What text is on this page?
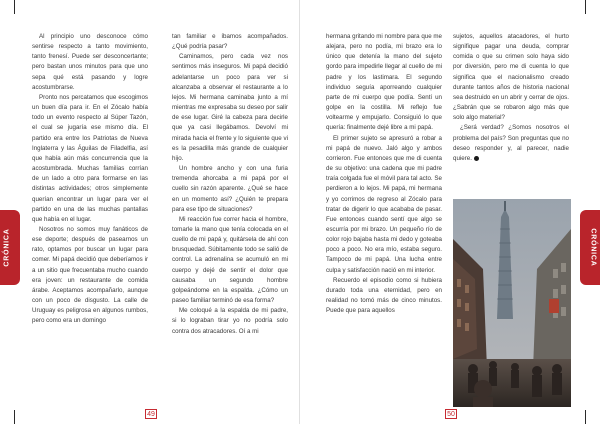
Al principio uno desconoce cómo sentirse respecto a tanto movimiento, tanto frenesí. Puede ser desconcertante; pero bastan unos minutos para que uno sepa qué está pasando y logre acostumbrarse.

Pronto nos percatamos que escogimos un buen día para ir. En el Zócalo había todo un evento respecto al Súper Tazón, el cual se jugaría ese mismo día. El partido era entre los Patriotas de Nueva Inglaterra y las Águilas de Filadelfia, así que había aún más concurrencia que la acostumbrada. Muchas familias corrían de un lado a otro para formarse en las distintas actividades; otros simplemente querían encontrar un lugar para ver el partido en una de las muchas pantallas que había en el lugar.

Nosotros no somos muy fanáticos de ese deporte; después de pasearnos un rato, optamos por buscar un lugar para comer. Mi papá decidió que deberíamos ir a un sitio que frecuentaba mucho cuando era joven: un restaurante de comida árabe. Aceptamos acompañarlo, aunque con un poco de disgusto. La calle de Uruguay es peligrosa en algunos rumbos, pero como era un domingo

tan familiar e íbamos acompañados. ¿Qué podría pasar?

Caminamos, pero cada vez nos sentimos más inseguros. Mi papá decidió adelantarse un poco para ver si alcanzaba a observar el restaurante a lo lejos. Mi hermana caminaba junto a mí mientras me expresaba su deseo por salir de ese lugar. Giré la cabeza para decirle que ya casi llegábamos. Devolví mi mirada hacia el frente y lo siguiente que vi es la pesadilla más grande de cualquier hijo.

Un hombre ancho y con una furia tremenda ahorcaba a mi papá por el cuello sin razón aparente. ¿Qué se hace en un momento así? ¿Quién te prepara para ese tipo de situaciones?

Mi reacción fue correr hacia el hombre, tomarle la mano que tenía colocada en el cuello de mi papá y, quitársela de ahí con brusquedad. Súbitamente todo se salió de control. La adrenalina se acumuló en mi cuerpo y dejé de sentir el dolor que causaba un segundo hombre golpeándome en la espalda. ¿Cómo un paseo familiar terminó de esa forma?

Me coloqué a la espalda de mi padre, si lo lograban tirar yo no podría solo contra dos atracadores. Oí a mi

CRÓNICA
49

hermana gritando mi nombre para que me alejara, pero no podía, mi brazo era lo único que detenía la mano del sujeto gordo para impedirle llegar al cuello de mi padre y los lastimara. El segundo individuo seguía aporreando cualquier parte de mi cuerpo que podía. Sentí un golpe en la costilla. Mi reflejo fue voltearme y empujarlo. Consiguió lo que quería: finalmente dejé libre a mi papá.

El primer sujeto se apresuró a robar a mi papá de nuevo. Jaló algo y ambos corrieron. Fue entonces que me di cuenta de su objetivo: una cadena que mi padre traía colgada fue el móvil para tal acto. Se perdieron a lo lejos. Mi papá, mi hermana y yo corrimos de regreso al Zócalo para tratar de digerir lo que acababa de pasar. Fue entonces cuando sentí que algo se escurría por mi brazo. Un pequeño río de color rojo bajaba hasta mi dedo y goteaba poco a poco. No era mío, estaba seguro. Tampoco de mi papá. Una lucha entre culpa y satisfacción nació en mi interior.

Recuerdo el episodio como si hubiera durado toda una eternidad, pero en realidad no tomó más de cinco minutos. Puede que para aquellos

sujetos, aquellos atacadores, el hurto signifique pagar una deuda, comprar comida o que su crimen solo haya sido por diversión, pero me di cuenta lo que significa que el nacionalismo creado durante tantos años de historia nacional sea destruido en un abrir y cerrar de ojos. ¿Sabrán que se robaron algo más que solo algo material?

¿Será verdad? ¿Somos nosotros el problema del país? Son preguntas que no deseo responder y, al parecer, nadie quiere.

CRÓNICA
50
